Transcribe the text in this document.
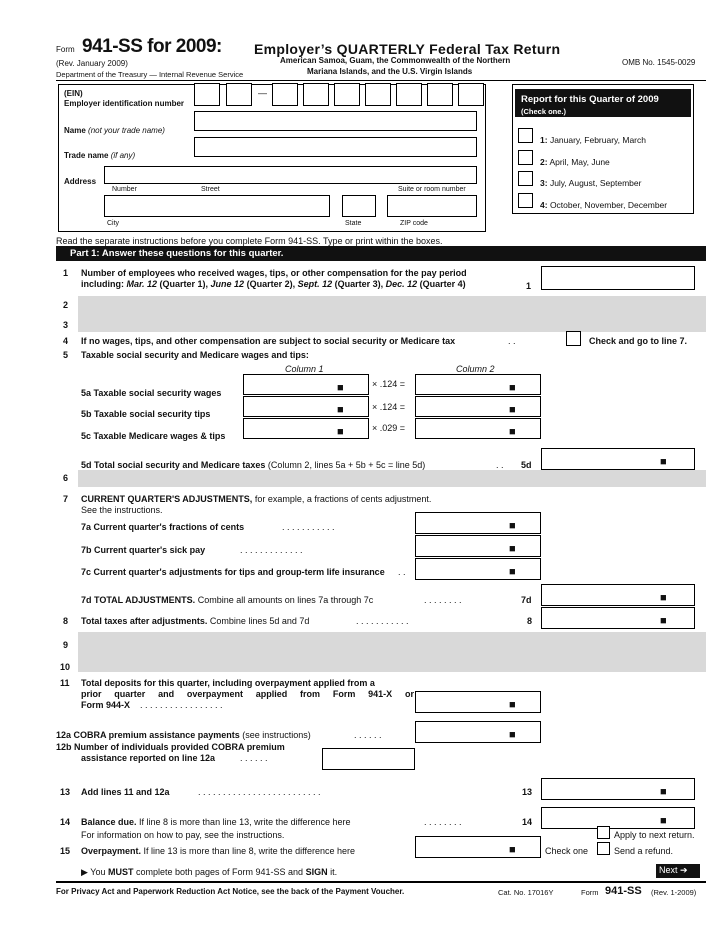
Form 941-SS for 2009: Employer’s QUARTERLY Federal Tax Return
American Samoa, Guam, the Commonwealth of the Northern
Mariana Islands, and the U.S. Virgin Islands
(Rev. January 2009)
Department of the Treasury — Internal Revenue Service
OMB No. 1545-0029
(EIN)
Employer identification number
—
Name (not your trade name)
Trade name (if any)
Address
Number	Street	Suite or room number
City	State	ZIP code
Report for this Quarter of 2009
(Check one.)
1: January, February, March
2: April, May, June
3: July, August, September
4: October, November, December
Read the separate instructions before you complete Form 941-SS. Type or print within the boxes.
Part 1: Answer these questions for this quarter.
1 Number of employees who received wages, tips, or other compensation for the pay period
including: Mar. 12 (Quarter 1), June 12 (Quarter 2), Sept. 12 (Quarter 3), Dec. 12 (Quarter 4)	1
2
3
4 If no wages, tips, and other compensation are subject to social security or Medicare tax	. .	Check and go to line 7.
5 Taxable social security and Medicare wages and tips:
Column 1	Column 2
5a Taxable social security wages	■	× .124 =	■
5b Taxable social security tips	■	× .124 =	■
5c Taxable Medicare wages & tips	■	× .029 =	■
5d Total social security and Medicare taxes (Column 2, lines 5a + 5b + 5c = line 5d)	. . 5d	■
6
7 CURRENT QUARTER'S ADJUSTMENTS, for example, a fractions of cents adjustment.
See the instructions.
7a Current quarter's fractions of cents	. . . . . . . . . . .	■
7b Current quarter's sick pay	. . . . . . . . . . . . .	■
7c Current quarter's adjustments for tips and group-term life insurance . .	■
7d TOTAL ADJUSTMENTS. Combine all amounts on lines 7a through 7c	. . . . . . . .	7d	■
8 Total taxes after adjustments. Combine lines 5d and 7d	. . . . . . . . . . .	8	■
9
10
11 Total deposits for this quarter, including overpayment applied from a
prior quarter and overpayment applied from Form 941-X or
Form 944-X . . . . . . . . . . . . . . . . .	■
12a COBRA premium assistance payments (see instructions)	. . . . . .	■
12b Number of individuals provided COBRA premium
assistance reported on line 12a	. . . . . .
13 Add lines 11 and 12a	. . . . . . . . . . . . . . . . . . . . . . . . .	13	■
14 Balance due. If line 8 is more than line 13, write the difference here	. . . . . . . .	14	■
For information on how to pay, see the instructions.
15 Overpayment. If line 13 is more than line 8, write the difference here	■	Check one
Apply to next return.
Send a refund.
▶ You MUST complete both pages of Form 941-SS and SIGN it.	Next ➔
For Privacy Act and Paperwork Reduction Act Notice, see the back of the Payment Voucher.	Cat. No. 17016Y	Form 941-SS (Rev. 1-2009)
